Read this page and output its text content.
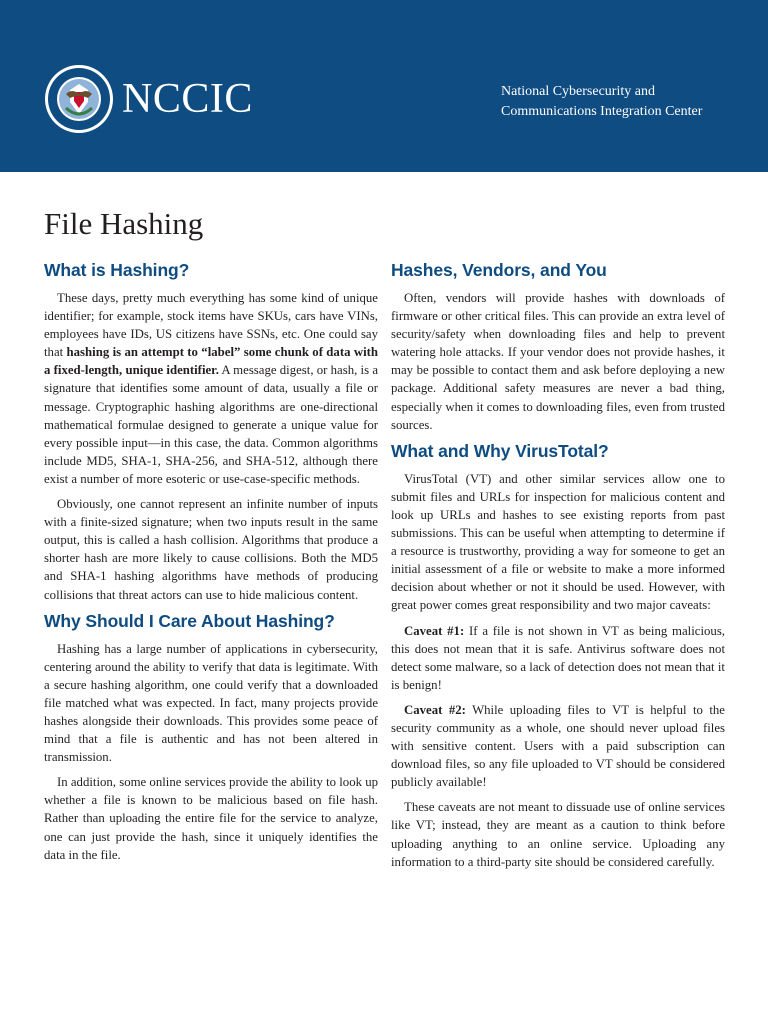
NCCIC	National Cybersecurity and
Communications Integration Center
File Hashing
What is Hashing?

These days, pretty much everything has some kind of unique identifier; for example, stock items have SKUs, cars have VINs, employees have IDs, US citizens have SSNs, etc. One could say that hashing is an attempt to “label” some chunk of data with a fixed-length, unique identifier. A message digest, or hash, is a signature that identifies some amount of data, usually a file or message. Cryptographic hashing algorithms are one-directional mathematical formulae designed to generate a unique value for every possible input—in this case, the data. Common algorithms include MD5, SHA-1, SHA-256, and SHA-512, although there exist a number of more esoteric or use-case-specific methods.

Obviously, one cannot represent an infinite number of inputs with a finite-sized signature; when two inputs result in the same output, this is called a hash collision. Algorithms that produce a shorter hash are more likely to cause collisions. Both the MD5 and SHA-1 hashing algorithms have methods of producing collisions that threat actors can use to hide malicious content.

Why Should I Care About Hashing?

Hashing has a large number of applications in cybersecurity, centering around the ability to verify that data is legitimate. With a secure hashing algorithm, one could verify that a downloaded file matched what was expected. In fact, many projects provide hashes alongside their downloads. This provides some peace of mind that a file is authentic and has not been altered in transmission.

In addition, some online services provide the ability to look up whether a file is known to be malicious based on file hash. Rather than uploading the entire file for the service to analyze, one can just provide the hash, since it uniquely identifies the data in the file.

Hashes, Vendors, and You

Often, vendors will provide hashes with downloads of firmware or other critical files. This can provide an extra level of security/safety when downloading files and help to prevent watering hole attacks. If your vendor does not provide hashes, it may be possible to contact them and ask before deploying a new package. Additional safety measures are never a bad thing, especially when it comes to downloading files, even from trusted sources.

What and Why VirusTotal?

VirusTotal (VT) and other similar services allow one to submit files and URLs for inspection for malicious content and look up URLs and hashes to see existing reports from past submissions. This can be useful when attempting to determine if a resource is trustworthy, providing a way for someone to get an initial assessment of a file or website to make a more informed decision about whether or not it should be used. However, with great power comes great responsibility and two major caveats:

Caveat #1: If a file is not shown in VT as being malicious, this does not mean that it is safe. Antivirus software does not detect some malware, so a lack of detection does not mean that it is benign!

Caveat #2: While uploading files to VT is helpful to the security community as a whole, one should never upload files with sensitive content. Users with a paid subscription can download files, so any file uploaded to VT should be considered publicly available!

These caveats are not meant to dissuade use of online services like VT; instead, they are meant as a caution to think before uploading anything to an online service. Uploading any information to a third-party site should be considered carefully.
